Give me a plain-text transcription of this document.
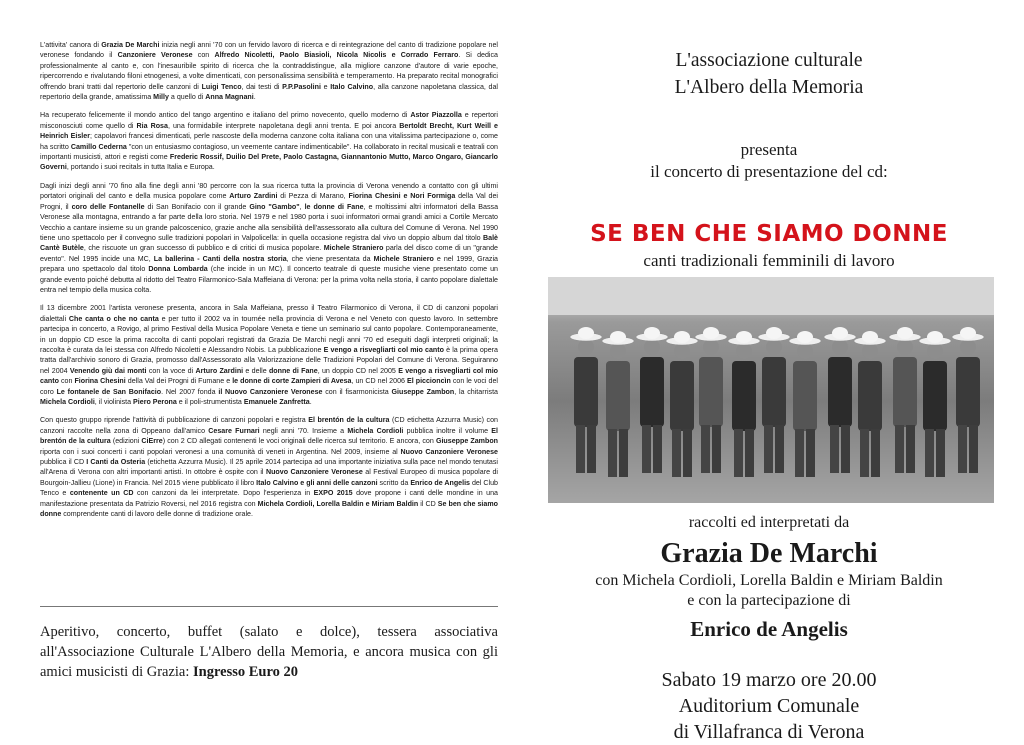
L'attivita' canora di Grazia De Marchi inizia negli anni '70 con un fervido lavoro di ricerca e di reintegrazione del canto di tradizione popolare nel veronese fondando il Canzoniere Veronese con Alfredo Nicoletti, Paolo Biasioli, Nicola Nicolis e Corrado Ferraro. Si dedica professionalmente al canto e, con l'inesauribile spirito di ricerca che la contraddistingue, alla migliore canzone d'autore di varie epoche, ripercorrendo e rivalutando filoni etnogenesi, a volte dimenticati, con personalissima sensibilità e temperamento. Ha preparato recital monografici offrendo brani tratti dal repertorio delle canzoni di Luigi Tenco, dai testi di P.P.Pasolini e Italo Calvino, alla canzone napoletana classica, dal repertorio della grande, amatissima Milly a quello di Anna Magnani.

Ha recuperato felicemente il mondo antico del tango argentino e italiano del primo novecento, quello moderno di Astor Piazzolla e repertori misconosciuti come quello di Ria Rosa, una formidabile interprete napoletana degli anni trenta. E poi ancora Bertoldt Brecht, Kurt Weill e Heinrich Eisler; capolavori francesi dimenticati, perle nascoste della moderna canzone colta italiana con una vitalissima partecipazione o, come ha scritto Camillo Cederna "con un entusiasmo contagioso, un veemente cantare indimenticabile". Ha collaborato in recital musicali e teatrali con importanti musicisti, attori e registi come Frederic Rossif, Duilio Del Prete, Paolo Castagna, Giannantonio Mutto, Marco Ongaro, Giancarlo Governi, portando i suoi recitals in tutta Italia e Europa.

Dagli inizi degli anni '70 fino alla fine degli anni '80 percorre con la sua ricerca tutta la provincia di Verona venendo a contatto con gli ultimi portatori originali del canto e della musica popolare come Arturo Zardini di Pezza di Marano, Fiorina Chesini e Nori Formiga della Val dei Progni, il coro delle Fontanelle di San Bonifacio con il grande Gino "Gambo", le donne di Fane, e moltissimi altri informatori della Bassa Veronese alla montagna, entrando a far parte della loro storia. Nel 1979 e nel 1980 porta i suoi informatori ormai grandi amici a Cortile Mercato Vecchio a cantare insieme su un grande palcoscenico, grazie anche alla sensibilità dell'assessorato alla cultura del Comune di Verona. Nel 1990 tiene uno spettacolo per il convegno sulle tradizioni popolari in Valpolicella: in quella occasione registra dal vivo un doppio album dal titolo Balè Cantè Butèle, che riscuote un gran successo di pubblico e di critici di musica popolare. Michele Straniero parla del disco come di un "grande evento". Nel 1995 incide una MC, La ballerina - Canti della nostra storia, che viene presentata da Michele Straniero e nel 1999, Grazia prepara uno spettacolo dal titolo Donna Lombarda (che incide in un MC). Il concerto teatrale di queste musiche viene presentato come un grande evento poiché debutta al ridotto del Teatro Filarmonico-Sala Maffeiana di Verona: per la prima volta nella storia, il canto popolare dialettale entra nel tempio della musica colta.

Il 13 dicembre 2001 l'artista veronese presenta, ancora in Sala Maffeiana, presso il Teatro Filarmonico di Verona, il CD di canzoni popolari dialettali Che canta o che no canta e per tutto il 2002 va in tournée nella provincia di Verona e nel Veneto con questo lavoro. In settembre partecipa in concerto, a Rovigo, al primo Festival della Musica Popolare Veneta e tiene un seminario sul canto popolare. Contemporaneamente, in un doppio CD esce la prima raccolta di canti popolari registrati da Grazia De Marchi negli anni '70 ed eseguiti dagli interpreti originali; la raccolta è curata da lei stessa con Alfredo Nicoletti e Alessandro Nobis. La pubblicazione E vengo a risvegliarti col mio canto è la prima opera tratta dall'archivio sonoro di Grazia, promosso dall'Assessorato alla Valorizzazione delle Tradizioni Popolari del Comune di Verona. Seguiranno nel 2004 Venendo giù dai monti con la voce di Arturo Zardini e delle donne di Fane, un doppio CD nel 2005 E vengo a risvegliarti col mio canto con Fiorina Chesini della Val dei Progni di Fumane e le donne di corte Zampieri di Avesa, un CD nel 2006 El piccioncìn con le voci del coro Le fontanele de San Bonifacio. Nel 2007 fonda il Nuovo Canzoniere Veronese con il fisarmonicista Giuseppe Zambon, la chitarrista Michela Cordioli, il violinista Piero Perona e il poli-strumentista Emanuele Zanfretta.

Con questo gruppo riprende l'attività di pubblicazione di canzoni popolari e registra El brentón de la cultura (CD etichetta Azzurra Music) con canzoni raccolte nella zona di Oppeano dall'amico Cesare Furnari negli anni '70. Insieme a Michela Cordioli pubblica inoltre il volume El brentón de la cultura (edizioni CiErre) con 2 CD allegati contenenti le voci originali delle ricerca sul territorio. E ancora, con Giuseppe Zambon riporta con i suoi concerti i canti popolari veronesi a una comunità di veneti in Argentina. Nel 2009, insieme al Nuovo Canzoniere Veronese pubblica il CD I Canti da Osteria (etichetta Azzurra Music). Il 25 aprile 2014 partecipa ad una importante iniziativa sulla pace nel mondo tenutasi all'Arena di Verona con altri importanti artisti. In ottobre è ospite con il Nuovo Canzoniere Veronese al Festival Europeo di musica popolare di Bourgoin-Jallieu (Lione) in Francia. Nel 2015 viene pubblicato il libro Italo Calvino e gli anni delle canzoni scritto da Enrico de Angelis del Club Tenco e contenente un CD con canzoni da lei interpretate. Dopo l'esperienza in EXPO 2015 dove propone i canti delle mondine in una manifestazione presentata da Patrizio Roversi, nel 2016 registra con Michela Cordioli, Lorella Baldin e Miriam Baldin il CD Se ben che siamo donne comprendente canti di lavoro delle donne di tradizione orale.

Aperitivo, concerto, buffet (salato e dolce), tessera associativa all'Associazione Culturale L'Albero della Memoria, e ancora musica con gli amici musicisti di Grazia: Ingresso Euro 20
L'associazione culturale
L'Albero della Memoria
presenta
il concerto di presentazione del cd:
SE BEN CHE SIAMO DONNE
canti tradizionali femminili di lavoro
raccolti ed interpretati da
Grazia De Marchi
con Michela Cordioli, Lorella Baldin e Miriam Baldin
e con la partecipazione di
Enrico de Angelis
Sabato 19 marzo ore 20.00
Auditorium Comunale
di Villafranca di Verona
